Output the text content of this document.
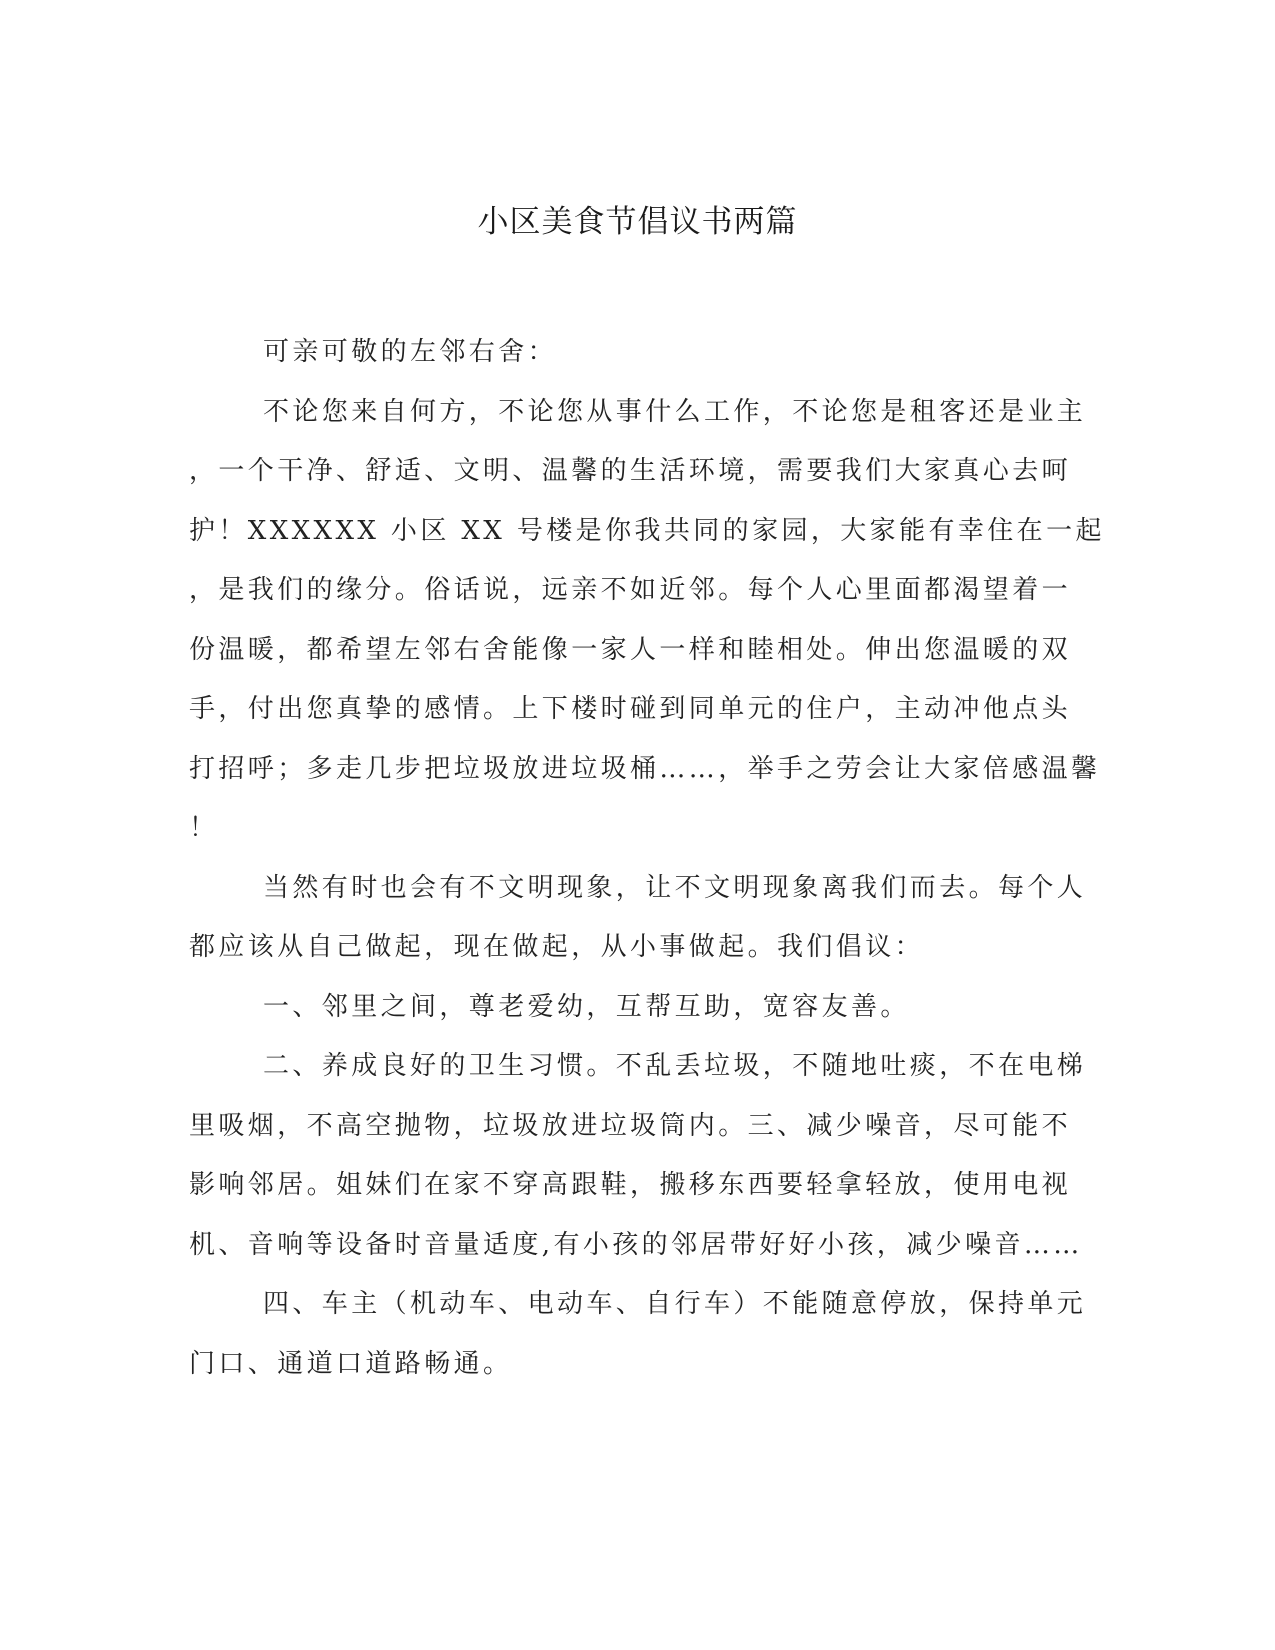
小区美食节倡议书两篇
可亲可敬的左邻右舍：
不论您来自何方，不论您从事什么工作，不论您是租客还是业主
，一个干净、舒适、文明、温馨的生活环境，需要我们大家真心去呵
护！XXXXXX 小区 XX 号楼是你我共同的家园，大家能有幸住在一起
，是我们的缘分。俗话说，远亲不如近邻。每个人心里面都渴望着一
份温暖，都希望左邻右舍能像一家人一样和睦相处。伸出您温暖的双
手，付出您真挚的感情。上下楼时碰到同单元的住户，主动冲他点头
打招呼；多走几步把垃圾放进垃圾桶……，举手之劳会让大家倍感温馨
！
当然有时也会有不文明现象，让不文明现象离我们而去。每个人
都应该从自己做起，现在做起，从小事做起。我们倡议：
一、邻里之间，尊老爱幼，互帮互助，宽容友善。
二、养成良好的卫生习惯。不乱丢垃圾，不随地吐痰，不在电梯
里吸烟，不高空抛物，垃圾放进垃圾筒内。三、减少噪音，尽可能不
影响邻居。姐妹们在家不穿高跟鞋，搬移东西要轻拿轻放，使用电视
机、音响等设备时音量适度,有小孩的邻居带好好小孩，减少噪音……
四、车主（机动车、电动车、自行车）不能随意停放，保持单元
门口、通道口道路畅通。
